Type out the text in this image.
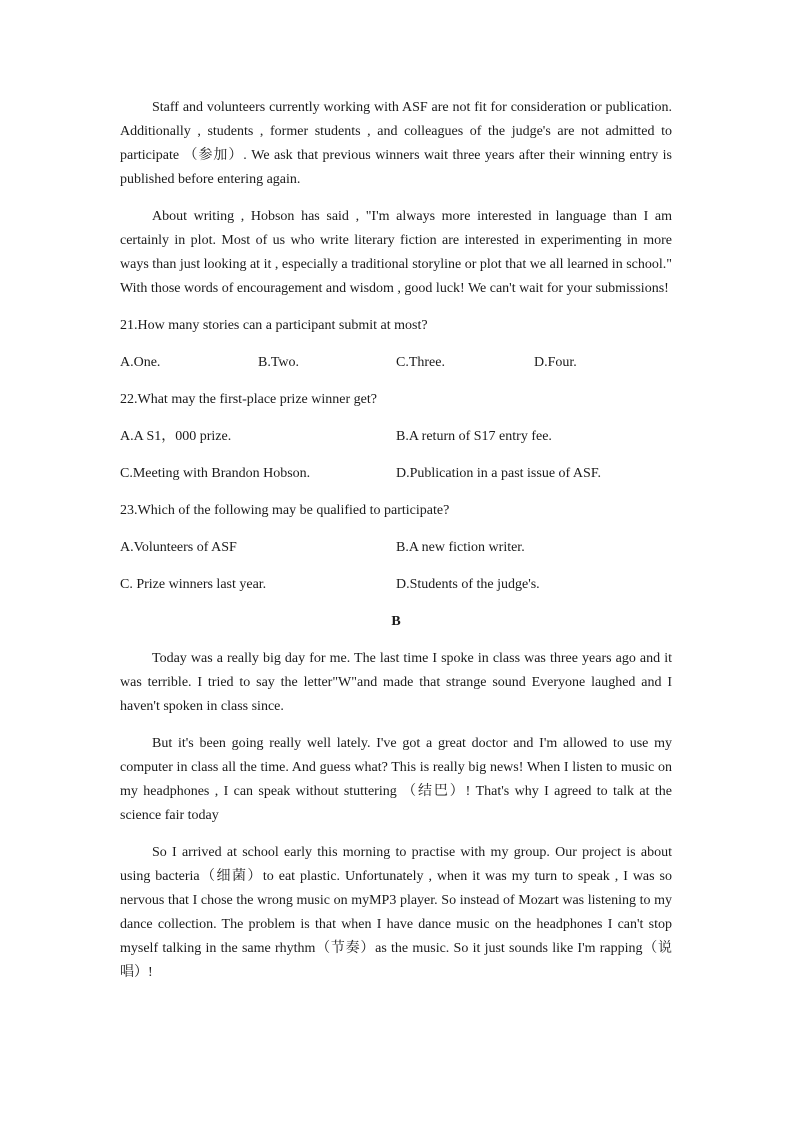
Staff and volunteers currently working with ASF are not fit for consideration or publication. Additionally , students , former students , and colleagues of the judge's are not admitted to participate （参加）. We ask that previous winners wait three years after their winning entry is published before entering again.

About writing , Hobson has said , "I'm always more interested in language than I am certainly in plot. Most of us who write literary fiction are interested in experimenting in more ways than just looking at it , especially a traditional storyline or plot that we all learned in school." With those words of encouragement and wisdom , good luck! We can't wait for your submissions!

21.How many stories can a participant submit at most?
A.One.	B.Two.	C.Three.	D.Four.
22.What may the first-place prize winner get?
A.A S1，000 prize.	B.A return of S17 entry fee.
C.Meeting with Brandon Hobson.	D.Publication in a past issue of ASF.
23.Which of the following may be qualified to participate?
A.Volunteers of ASF	B.A new fiction writer.
C. Prize winners last year.	D.Students of the judge's.
B

Today was a really big day for me. The last time I spoke in class was three years ago and it was terrible. I tried to say the letter"W"and made that strange sound Everyone laughed and I haven't spoken in class since.

But it's been going really well lately. I've got a great doctor and I'm allowed to use my computer in class all the time. And guess what? This is really big news! When I listen to music on my headphones , I can speak without stuttering （结巴）! That's why I agreed to talk at the science fair today

So I arrived at school early this morning to practise with my group. Our project is about using bacteria（细菌）to eat plastic. Unfortunately , when it was my turn to speak , I was so nervous that I chose the wrong music on myMP3 player. So instead of Mozart was listening to my dance collection. The problem is that when I have dance music on the headphones I can't stop myself talking in the same rhythm（节奏）as the music. So it just sounds like I'm rapping（说唱）!
